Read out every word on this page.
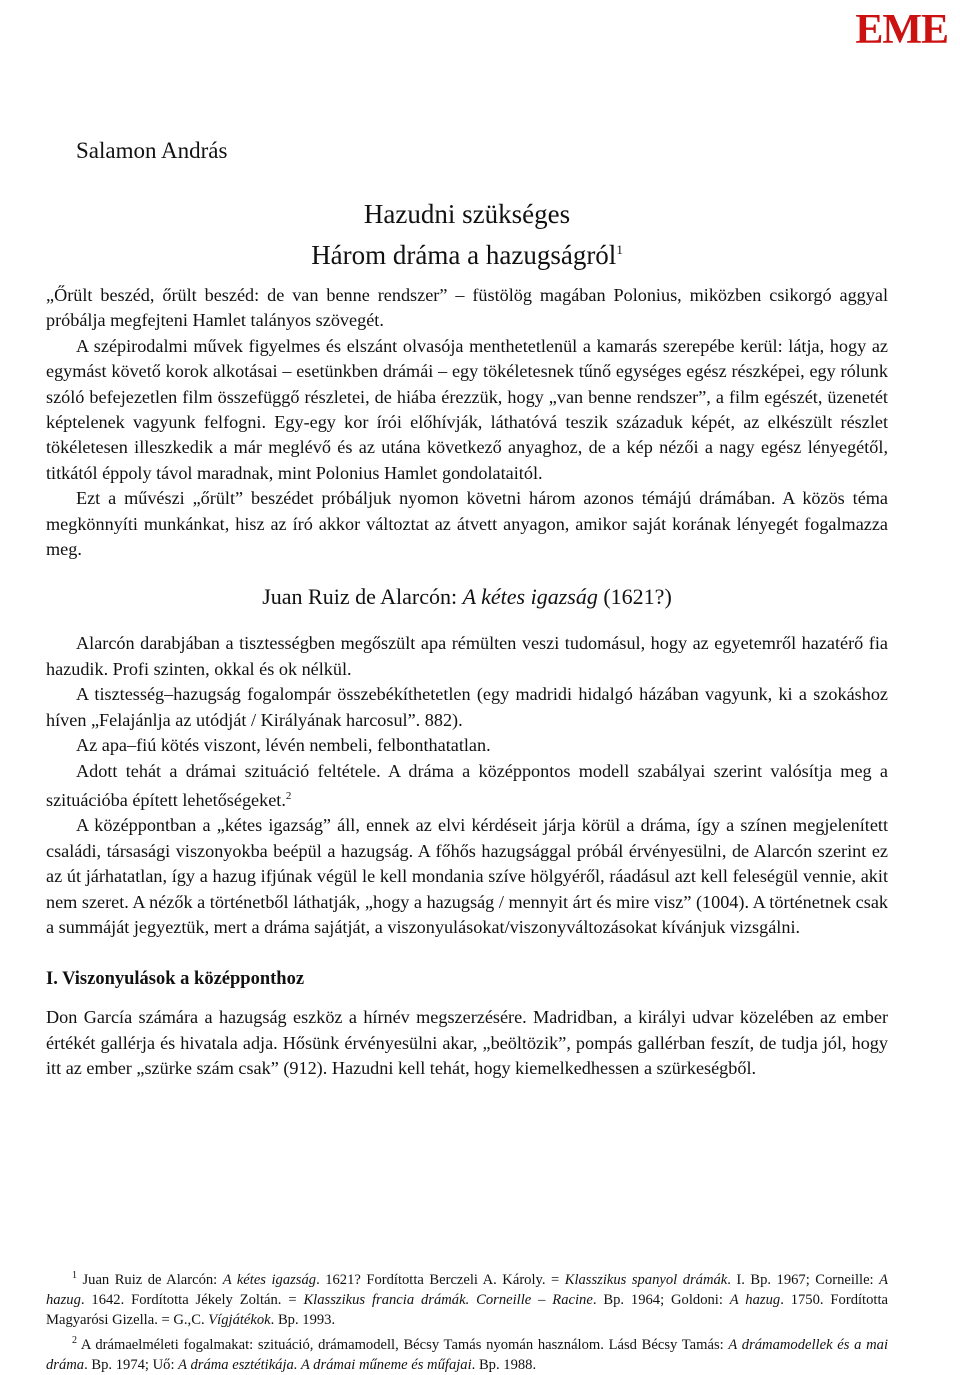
EME
Salamon András
Hazudni szükséges
Három dráma a hazugságról$^1$

„Őrült beszéd, őrült beszéd: de van benne rendszer” – füstölög magában Polonius, miközben csikorgó aggyal próbálja megfejteni Hamlet talányos szövegét.

A szépirodalmi művek figyelmes és elszánt olvasója menthetetlenül a kamarás szerepébe kerül: látja, hogy az egymást követő korok alkotásai – esetünkben drámái – egy tökéletesnek tűnő egységes egész részképei, egy rólunk szóló befejezetlen film összefüggő részletei, de hiába érezzük, hogy „van benne rendszer”, a film egészét, üzenetét képtelenek vagyunk felfogni. Egy-egy kor írói előhívják, láthatóvá teszik századuk képét, az elkészült részlet tökéletesen illeszkedik a már meglévő és az utána következő anyaghoz, de a kép nézői a nagy egész lényegétől, titkától éppoly távol maradnak, mint Polonius Hamlet gondolataitól.

Ezt a művészi „őrült” beszédet próbáljuk nyomon követni három azonos témájú drámában. A közös téma megkönnyíti munkánkat, hisz az író akkor változtat az átvett anyagon, amikor saját korának lényegét fogalmazza meg.

Juan Ruiz de Alarcón: A kétes igazság (1621?)

Alarcón darabjában a tisztességben megőszült apa rémülten veszi tudomásul, hogy az egyetemről hazatérő fia hazudik. Profi szinten, okkal és ok nélkül.

A tisztesség–hazugság fogalompár összebékíthetetlen (egy madridi hidalgó házában vagyunk, ki a szokáshoz híven „Felajánlja az utódját / Királyának harcosul”. 882).

Az apa–fiú kötés viszont, lévén nembeli, felbonthatatlan.

Adott tehát a drámai szituáció feltétele. A dráma a középpontos modell szabályai szerint valósítja meg a szituációba épített lehetőségeket.$^2$

A középpontban a „kétes igazság” áll, ennek az elvi kérdéseit járja körül a dráma, így a színen megjelenített családi, társasági viszonyokba beépül a hazugság. A főhős hazugsággal próbál érvényesülni, de Alarcón szerint ez az út járhatatlan, így a hazug ifjúnak végül le kell mondania szíve hölgyéről, ráadásul azt kell feleségül vennie, akit nem szeret. A nézők a történetből láthatják, „hogy a hazugság / mennyit árt és mire visz” (1004). A történetnek csak a summáját jegyeztük, mert a dráma sajátját, a viszonyulásokat/viszonyváltozásokat kívánjuk vizsgálni.

I. Viszonyulások a középponthoz

Don García számára a hazugság eszköz a hírnév megszerzésére. Madridban, a királyi udvar közelében az ember értékét gallérja és hivatala adja. Hősünk érvényesülni akar, „beöltözik”, pompás gallérban feszít, de tudja jól, hogy itt az ember „szürke szám csak” (912). Hazudni kell tehát, hogy kiemelkedhessen a szürkeségből.

$^1$ Juan Ruiz de Alarcón: A kétes igazság. 1621? Fordította Berczeli A. Károly. = Klasszikus spanyol drámák. I. Bp. 1967; Corneille: A hazug. 1642. Fordította Jékely Zoltán. = Klasszikus francia drámák. Corneille – Racine. Bp. 1964; Goldoni: A hazug. 1750. Fordította Magyarósi Gizella. = G.,C. Vígjátékok. Bp. 1993.

$^2$ A drámaelméleti fogalmakat: szituáció, drámamodell, Bécsy Tamás nyomán használom. Lásd Bécsy Tamás: A drámamodellek és a mai dráma. Bp. 1974; Uő: A dráma esztétikája. A drámai műneme és műfajai. Bp. 1988.
